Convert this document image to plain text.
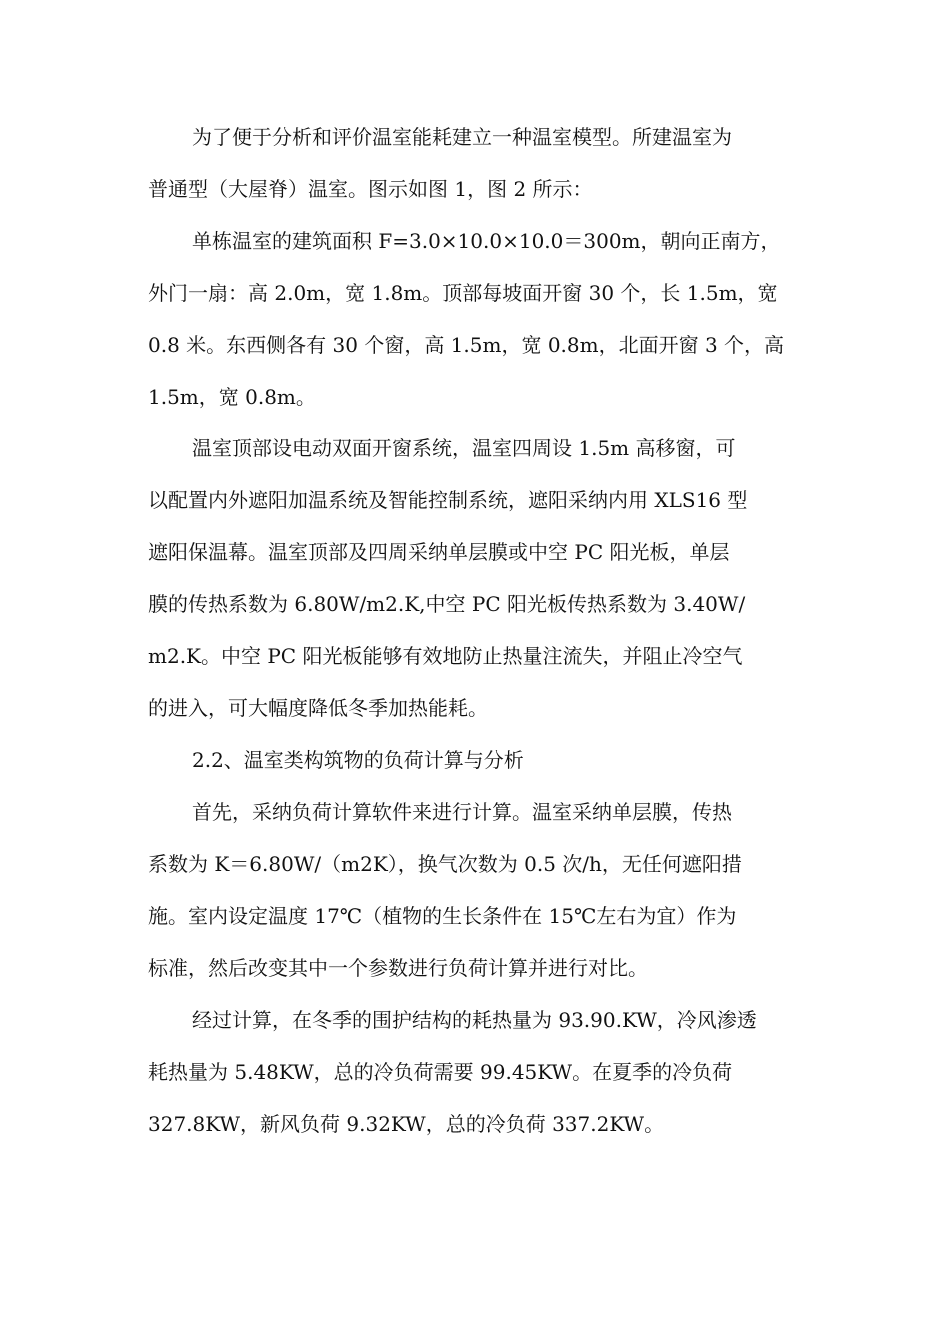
为了便于分析和评价温室能耗建立一种温室模型。所建温室为
普通型（大屋脊）温室。图示如图 1，图 2 所示：
单栋温室的建筑面积 F=3.0×10.0×10.0＝300m，朝向正南方，
外门一扇：高 2.0m，宽 1.8m。顶部每坡面开窗 30 个，长 1.5m，宽
0.8 米。东西侧各有 30 个窗，高 1.5m，宽 0.8m，北面开窗 3 个，高
1.5m，宽 0.8m。
温室顶部设电动双面开窗系统，温室四周设 1.5m 高移窗，可
以配置内外遮阳加温系统及智能控制系统，遮阳采纳内用 XLS16 型
遮阳保温幕。温室顶部及四周采纳单层膜或中空 PC 阳光板，单层
膜的传热系数为 6.80W/m2.K,中空 PC 阳光板传热系数为 3.40W/
m2.K。中空 PC 阳光板能够有效地防止热量注流失，并阻止冷空气
的进入，可大幅度降低冬季加热能耗。
2.2、温室类构筑物的负荷计算与分析
首先，采纳负荷计算软件来进行计算。温室采纳单层膜，传热
系数为 K＝6.80W/（m2K），换气次数为 0.5 次/h，无任何遮阳措
施。室内设定温度 17℃（植物的生长条件在 15℃左右为宜）作为
标准，然后改变其中一个参数进行负荷计算并进行对比。
经过计算，在冬季的围护结构的耗热量为 93.90.KW，冷风渗透
耗热量为 5.48KW，总的冷负荷需要 99.45KW。在夏季的冷负荷
327.8KW，新风负荷 9.32KW，总的冷负荷 337.2KW。
